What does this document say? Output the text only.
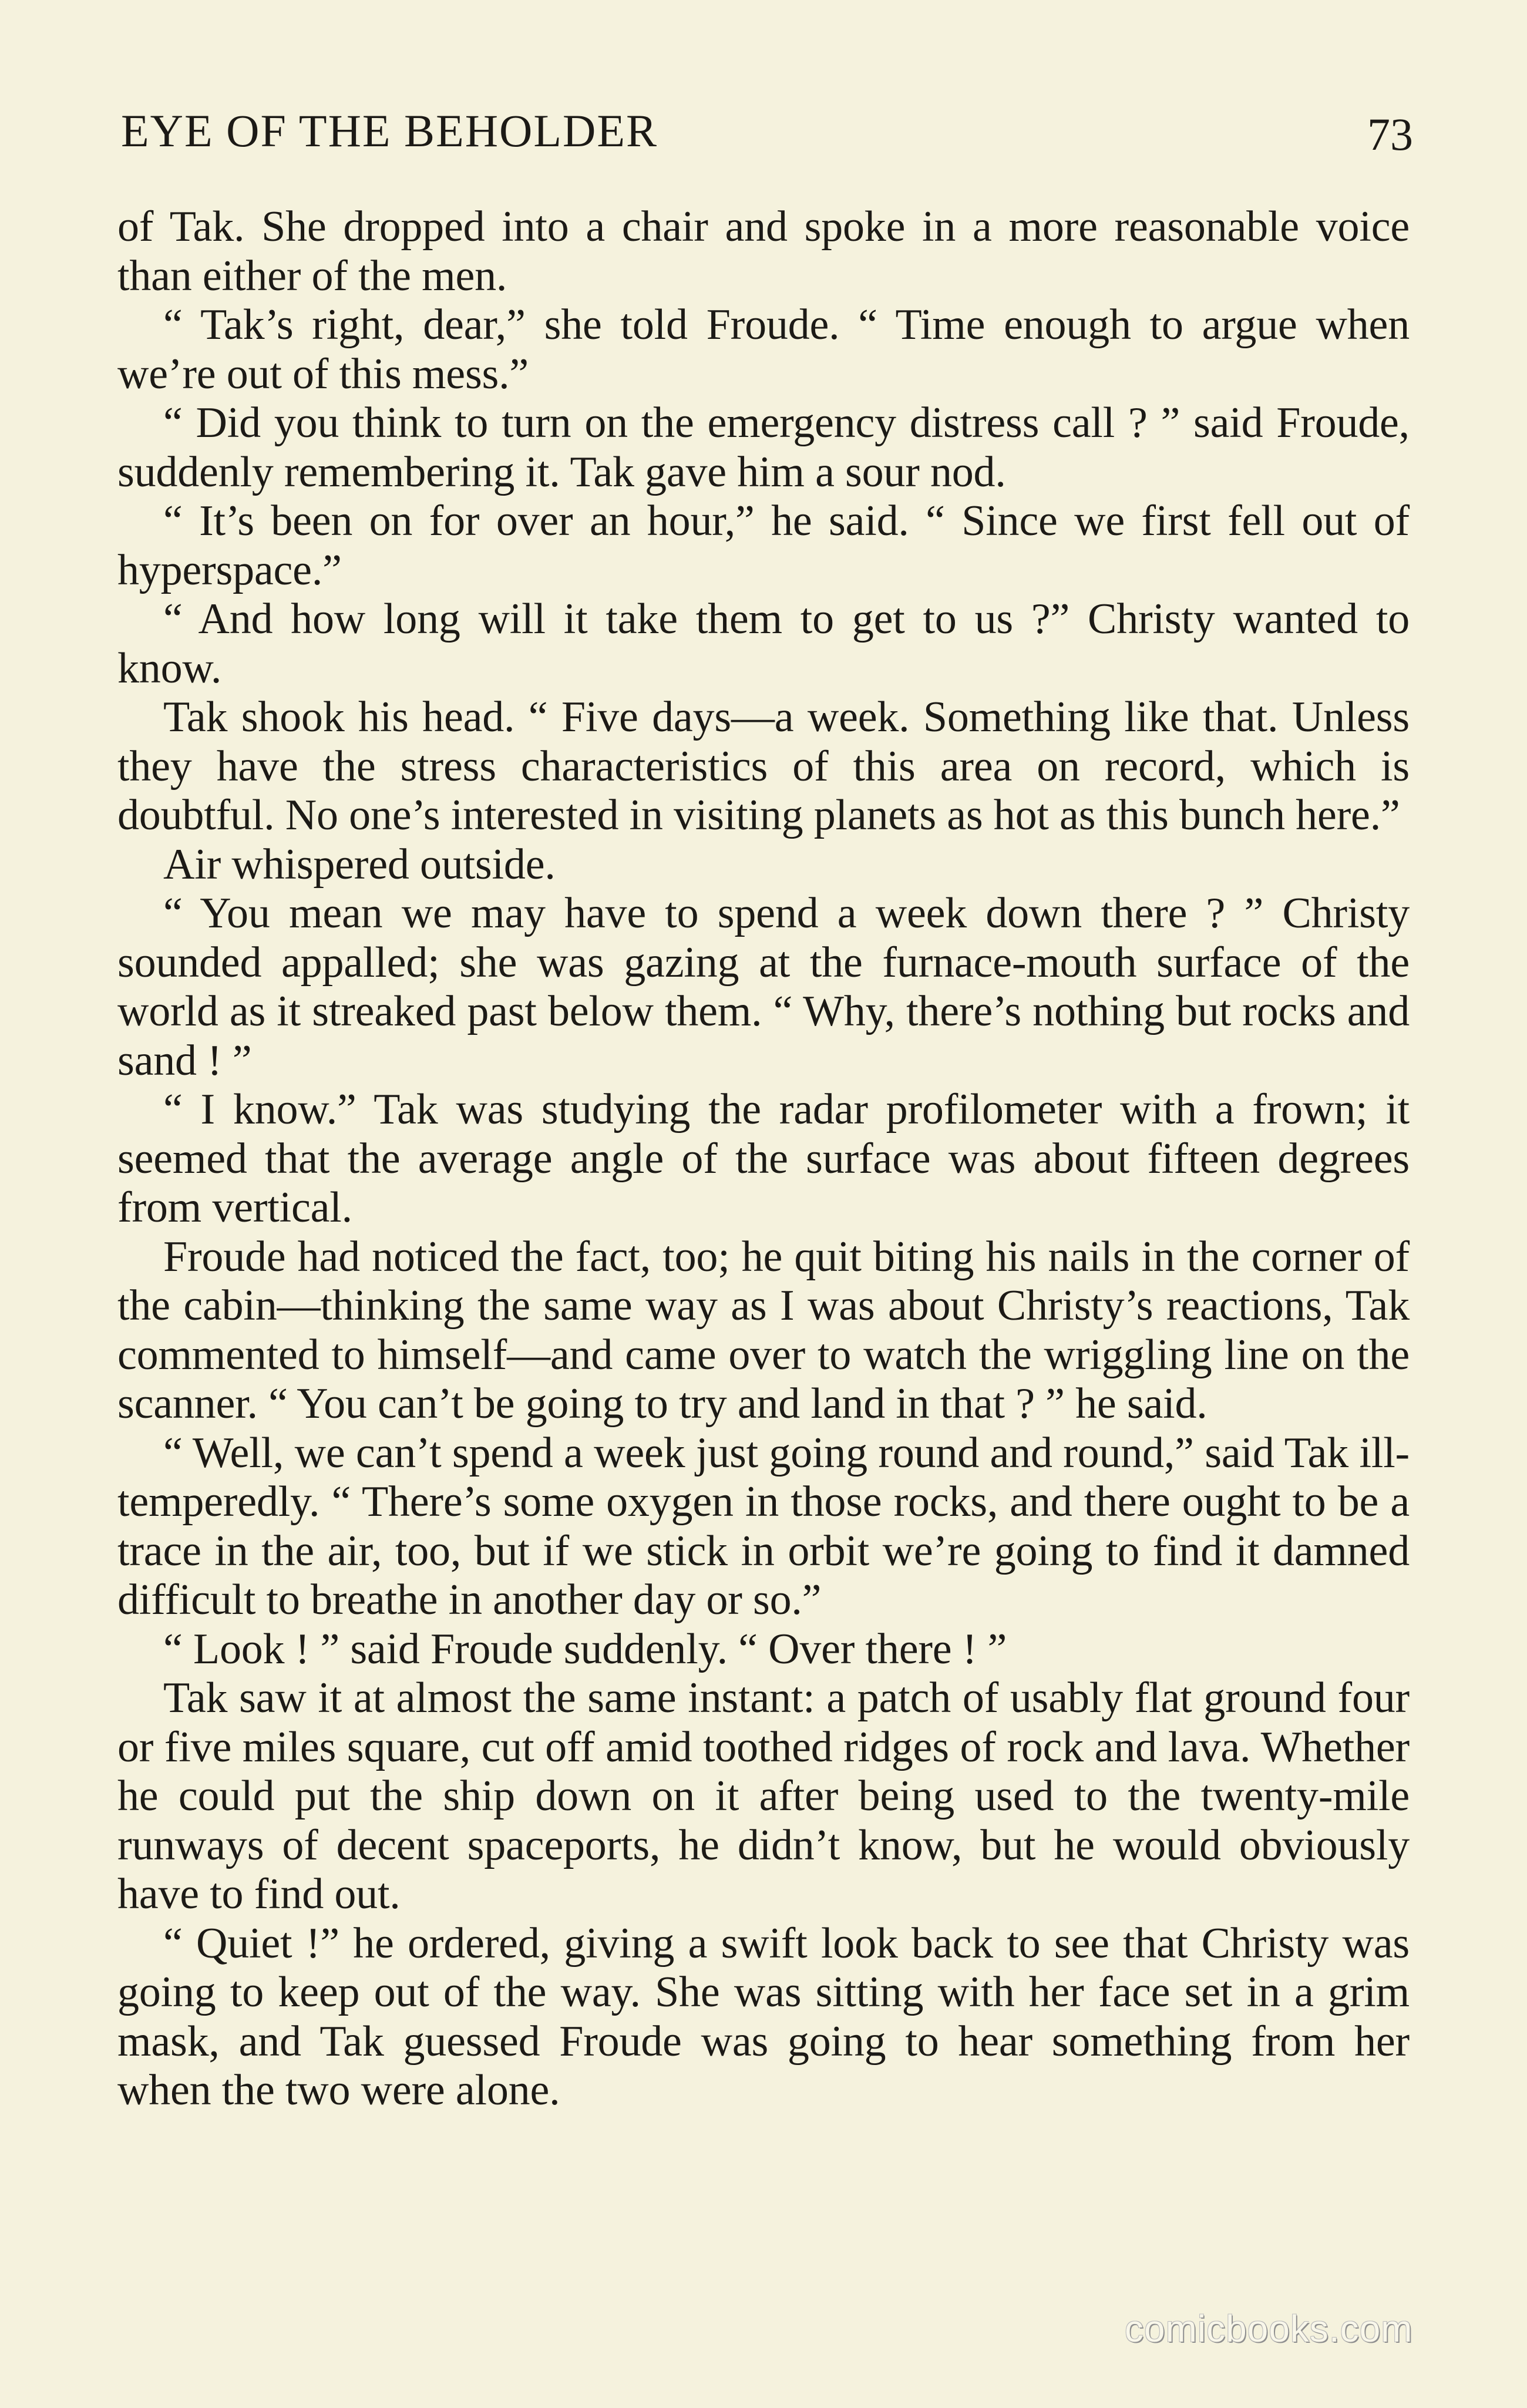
EYE OF THE BEHOLDER	73

of Tak. She dropped into a chair and spoke in a more reasonable voice than either of the men.

“ Tak’s right, dear,” she told Froude. “ Time enough to argue when we’re out of this mess.”

“ Did you think to turn on the emergency distress call ? ” said Froude, suddenly remembering it. Tak gave him a sour nod.

“ It’s been on for over an hour,” he said. “ Since we first fell out of hyperspace.”

“ And how long will it take them to get to us ?” Christy wanted to know.

Tak shook his head. “ Five days—a week. Something like that. Unless they have the stress characteristics of this area on record, which is doubtful. No one’s interested in visiting planets as hot as this bunch here.”

Air whispered outside.

“ You mean we may have to spend a week down there ? ” Christy sounded appalled; she was gazing at the furnace-mouth surface of the world as it streaked past below them. “ Why, there’s nothing but rocks and sand ! ”

“ I know.” Tak was studying the radar profilometer with a frown; it seemed that the average angle of the surface was about fifteen degrees from vertical.

Froude had noticed the fact, too; he quit biting his nails in the corner of the cabin—thinking the same way as I was about Christy’s reactions, Tak commented to himself—and came over to watch the wriggling line on the scanner. “ You can’t be going to try and land in that ? ” he said.

“ Well, we can’t spend a week just going round and round,” said Tak ill-temperedly. “ There’s some oxygen in those rocks, and there ought to be a trace in the air, too, but if we stick in orbit we’re going to find it damned difficult to breathe in another day or so.”

“ Look ! ” said Froude suddenly. “ Over there ! ”

Tak saw it at almost the same instant: a patch of usably flat ground four or five miles square, cut off amid toothed ridges of rock and lava. Whether he could put the ship down on it after being used to the twenty-mile runways of decent spaceports, he didn’t know, but he would obviously have to find out.

“ Quiet !” he ordered, giving a swift look back to see that Christy was going to keep out of the way. She was sitting with her face set in a grim mask, and Tak guessed Froude was going to hear something from her when the two were alone.

comicbooks.com
